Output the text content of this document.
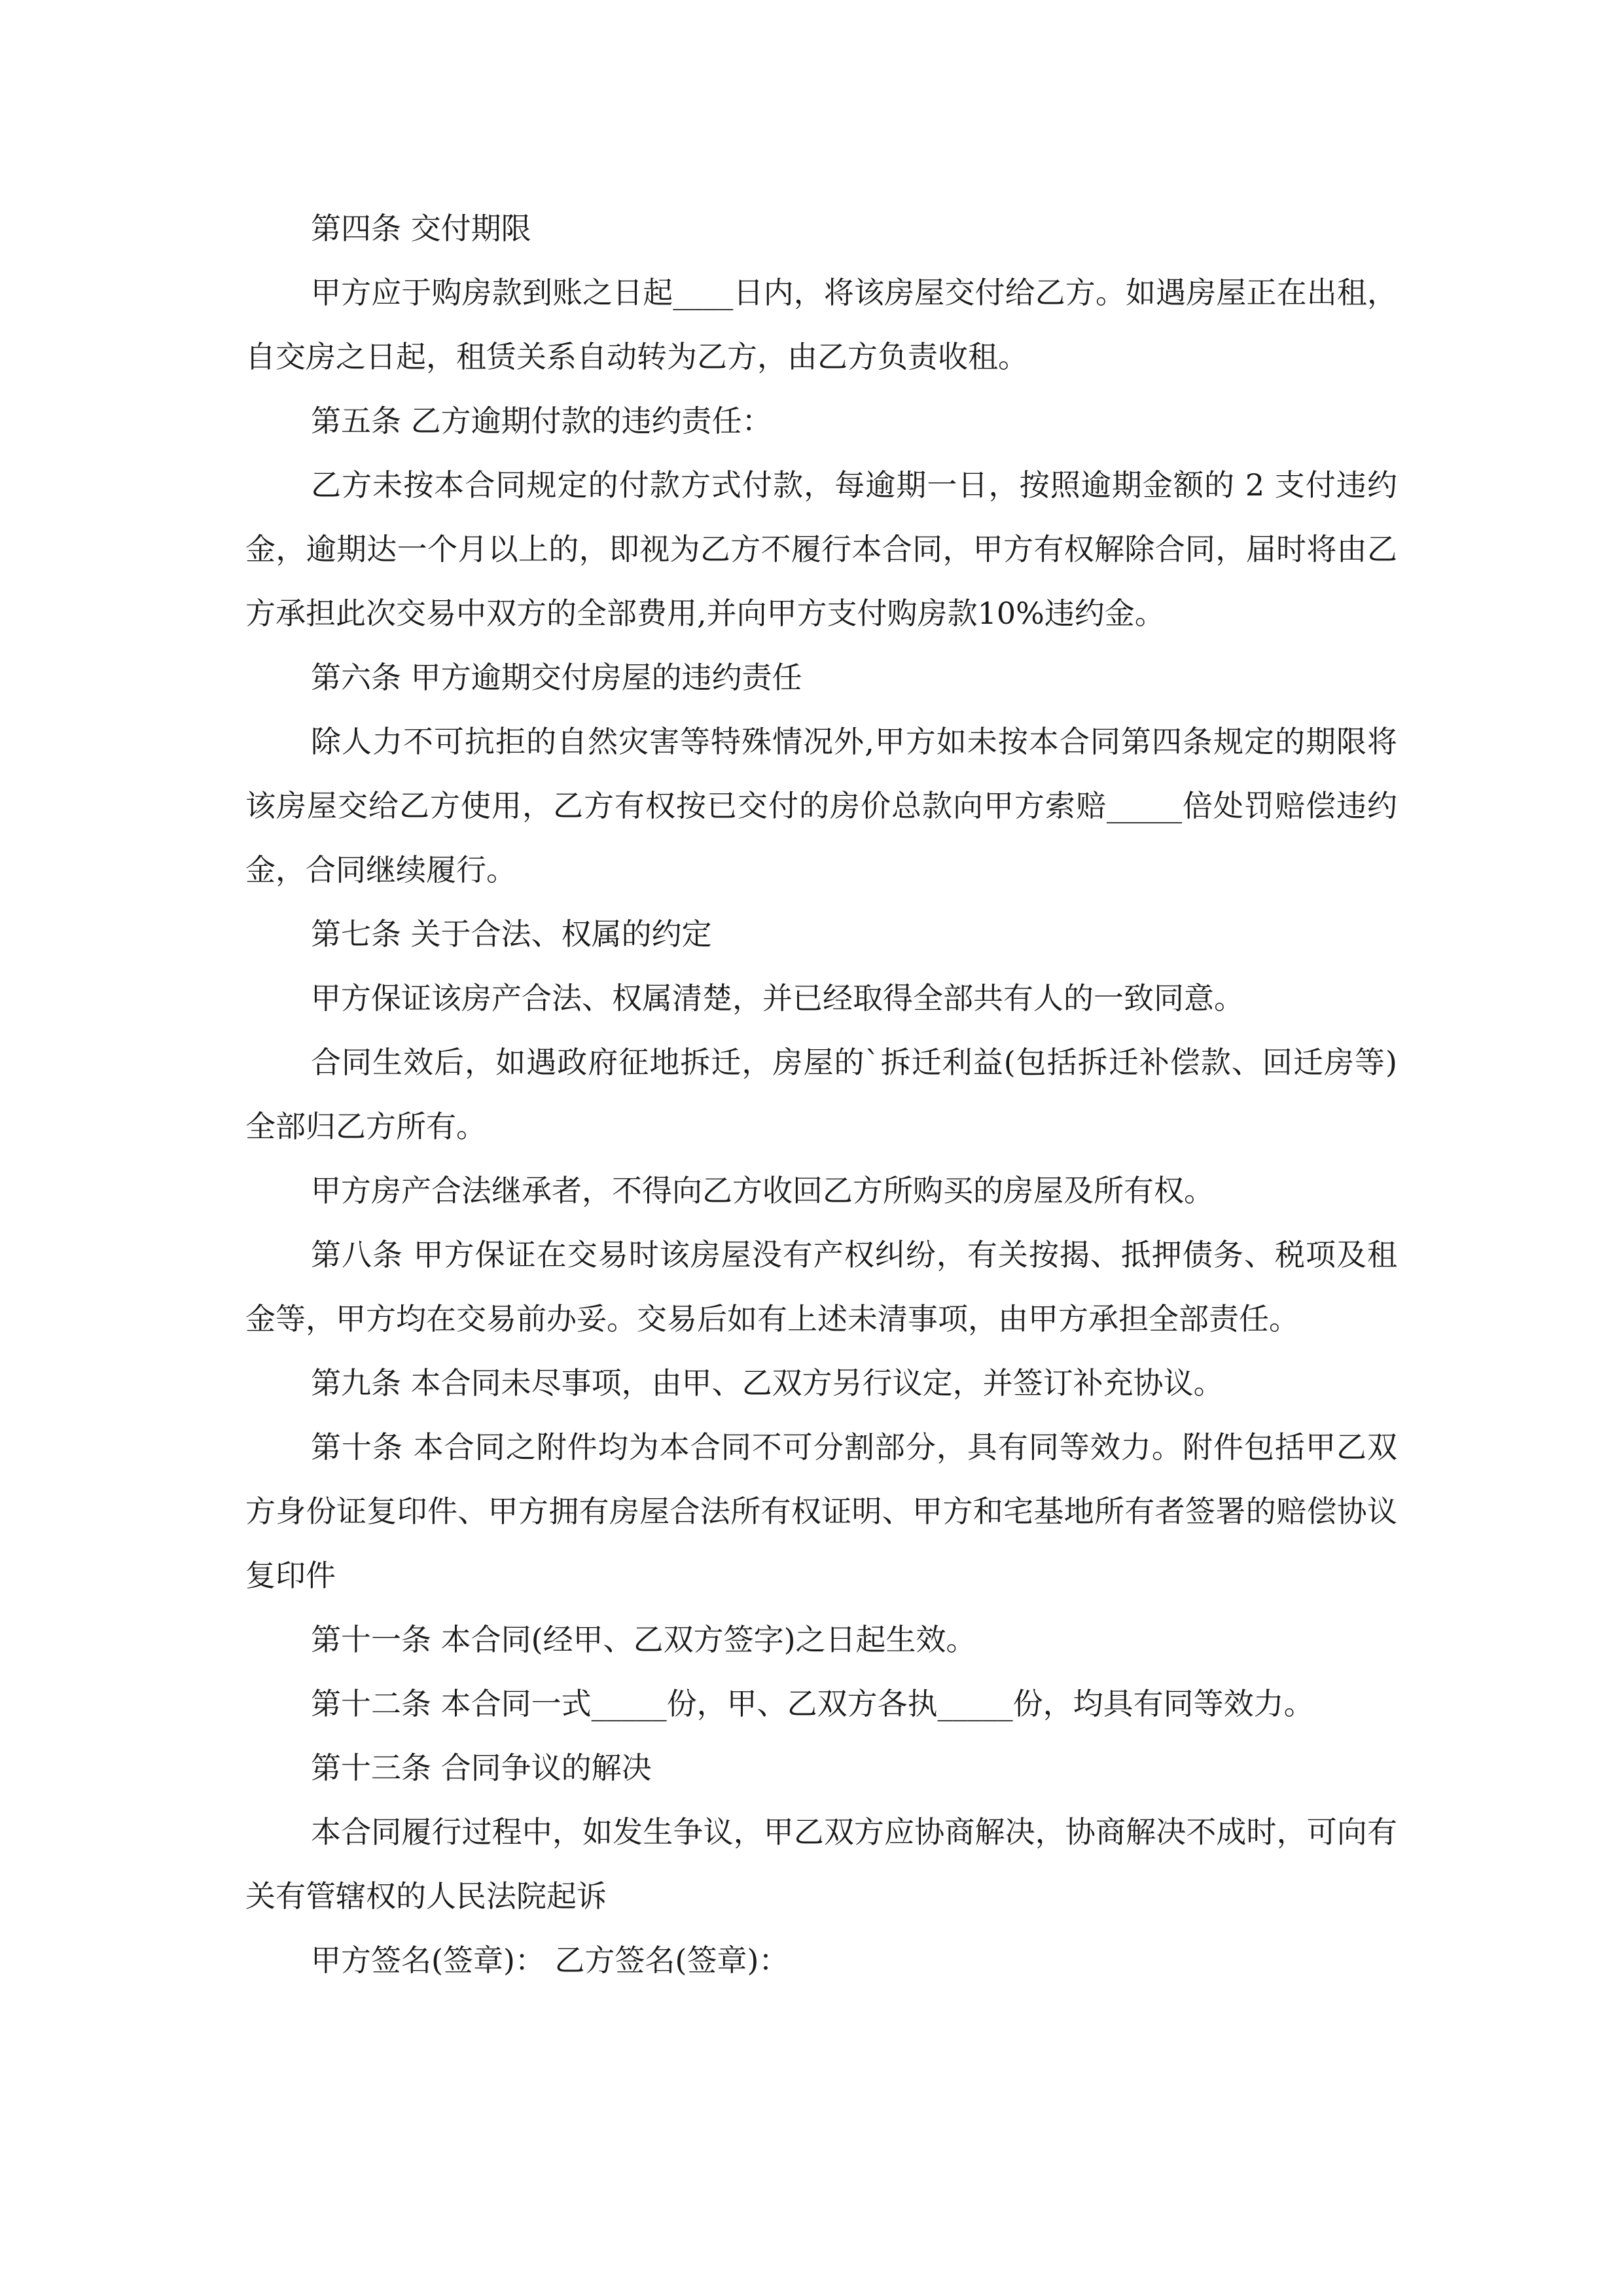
第四条 交付期限

甲方应于购房款到账之日起____日内，将该房屋交付给乙方。如遇房屋正在出租，自交房之日起，租赁关系自动转为乙方，由乙方负责收租。

第五条 乙方逾期付款的违约责任：

乙方未按本合同规定的付款方式付款，每逾期一日，按照逾期金额的 2 支付违约金，逾期达一个月以上的，即视为乙方不履行本合同，甲方有权解除合同，届时将由乙方承担此次交易中双方的全部费用,并向甲方支付购房款10%违约金。

第六条 甲方逾期交付房屋的违约责任

除人力不可抗拒的自然灾害等特殊情况外,甲方如未按本合同第四条规定的期限将该房屋交给乙方使用，乙方有权按已交付的房价总款向甲方索赔_____倍处罚赔偿违约金，合同继续履行。

第七条 关于合法、权属的约定

甲方保证该房产合法、权属清楚，并已经取得全部共有人的一致同意。

合同生效后，如遇政府征地拆迁，房屋的`拆迁利益(包括拆迁补偿款、回迁房等)全部归乙方所有。

甲方房产合法继承者，不得向乙方收回乙方所购买的房屋及所有权。

第八条 甲方保证在交易时该房屋没有产权纠纷，有关按揭、抵押债务、税项及租金等，甲方均在交易前办妥。交易后如有上述未清事项，由甲方承担全部责任。

第九条 本合同未尽事项，由甲、乙双方另行议定，并签订补充协议。

第十条 本合同之附件均为本合同不可分割部分，具有同等效力。附件包括甲乙双方身份证复印件、甲方拥有房屋合法所有权证明、甲方和宅基地所有者签署的赔偿协议复印件

第十一条 本合同(经甲、乙双方签字)之日起生效。

第十二条 本合同一式_____份，甲、乙双方各执_____份，均具有同等效力。

第十三条 合同争议的解决

本合同履行过程中，如发生争议，甲乙双方应协商解决，协商解决不成时，可向有关有管辖权的人民法院起诉

甲方签名(签章)： 乙方签名(签章)：
